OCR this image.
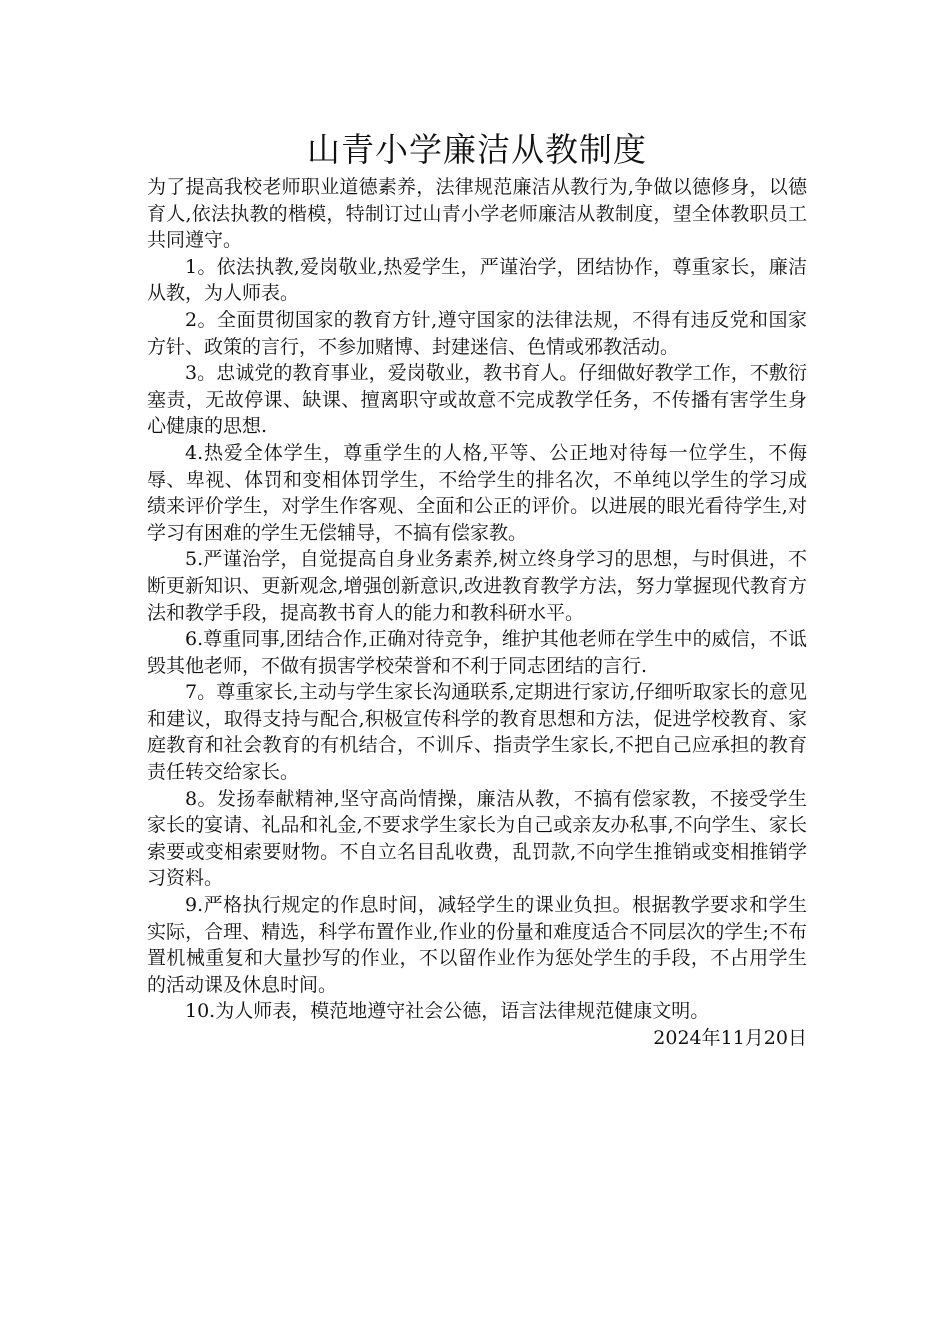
山青小学廉洁从教制度

为了提高我校老师职业道德素养，法律规范廉洁从教行为,争做以德修身，以德育人,依法执教的楷模，特制订过山青小学老师廉洁从教制度，望全体教职员工共同遵守。

1。依法执教,爱岗敬业,热爱学生，严谨治学，团结协作，尊重家长，廉洁从教，为人师表。

2。全面贯彻国家的教育方针,遵守国家的法律法规，不得有违反党和国家方针、政策的言行，不参加赌博、封建迷信、色情或邪教活动。

3。忠诚党的教育事业，爱岗敬业，教书育人。仔细做好教学工作，不敷衍塞责，无故停课、缺课、擅离职守或故意不完成教学任务，不传播有害学生身心健康的思想.

4.热爱全体学生，尊重学生的人格,平等、公正地对待每一位学生，不侮辱、卑视、体罚和变相体罚学生，不给学生的排名次，不单纯以学生的学习成绩来评价学生，对学生作客观、全面和公正的评价。以进展的眼光看待学生,对学习有困难的学生无偿辅导，不搞有偿家教。

5.严谨治学，自觉提高自身业务素养,树立终身学习的思想，与时俱进，不断更新知识、更新观念,增强创新意识,改进教育教学方法，努力掌握现代教育方法和教学手段，提高教书育人的能力和教科研水平。

6.尊重同事,团结合作,正确对待竞争，维护其他老师在学生中的威信，不诋毁其他老师，不做有损害学校荣誉和不利于同志团结的言行.

7。尊重家长,主动与学生家长沟通联系,定期进行家访,仔细听取家长的意见和建议，取得支持与配合,积极宣传科学的教育思想和方法，促进学校教育、家庭教育和社会教育的有机结合，不训斥、指责学生家长,不把自己应承担的教育责任转交给家长。

8。发扬奉献精神,坚守高尚情操，廉洁从教，不搞有偿家教，不接受学生家长的宴请、礼品和礼金,不要求学生家长为自己或亲友办私事,不向学生、家长索要或变相索要财物。不自立名目乱收费，乱罚款,不向学生推销或变相推销学习资料。

9.严格执行规定的作息时间，减轻学生的课业负担。根据教学要求和学生实际，合理、精选，科学布置作业,作业的份量和难度适合不同层次的学生;不布置机械重复和大量抄写的作业，不以留作业作为惩处学生的手段，不占用学生的活动课及休息时间。

10.为人师表，模范地遵守社会公德，语言法律规范健康文明。

2024年11月20日
